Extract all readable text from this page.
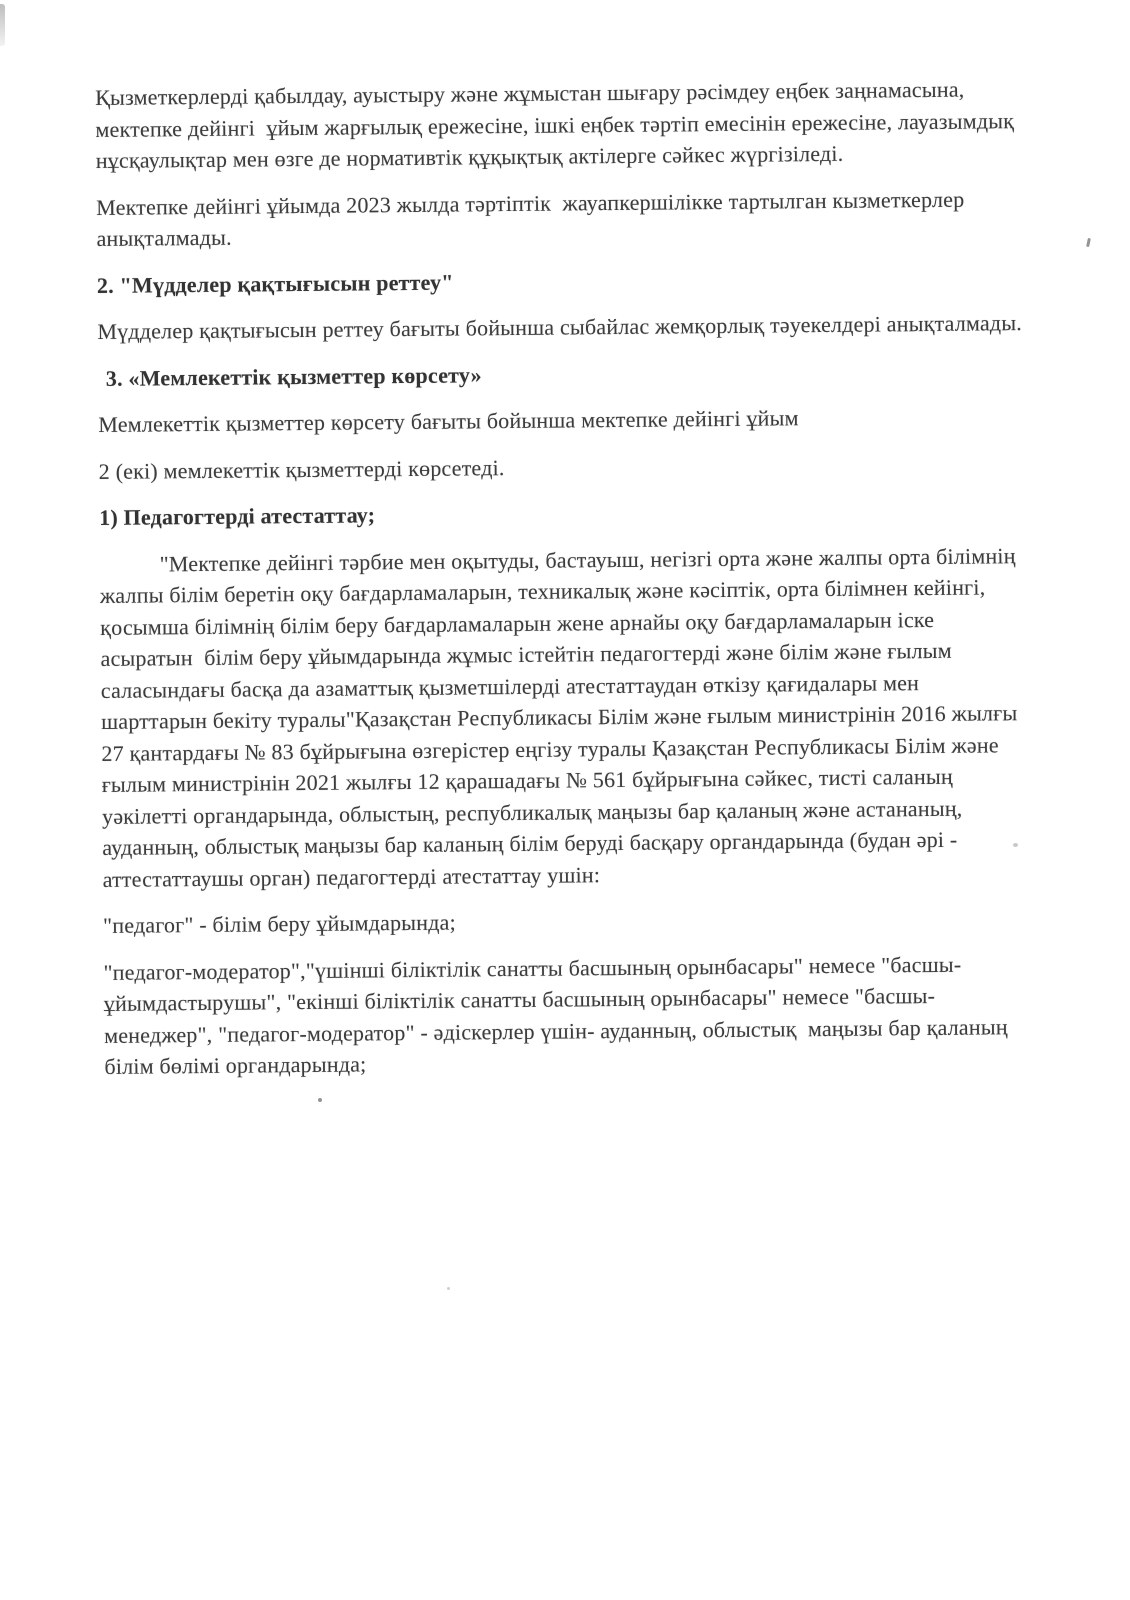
Қызметкерлерді қабылдау, ауыстыру және жұмыстан шығару рәсімдеу еңбек заңнамасына,
мектепке дейінгі  ұйым жарғылық ережесіне, ішкі еңбек тәртіп емесінін ережесіне, лауазымдық
нұсқаулықтар мен өзге де нормативтік құқықтық актілерге сәйкес жүргізіледі.
Мектепке дейінгі ұйымда 2023 жылда тәртіптік  жауапкершілікке тартылган кызметкерлер
анықталмады.
2. "Мүдделер қақтығысын реттеу"
Мүдделер қақтығысын реттеу бағыты бойынша сыбайлас жемқорлық тәуекелдері анықталмады.
3. «Мемлекеттік қызметтер көрсету»
Мемлекеттік қызметтер көрсету бағыты бойынша мектепке дейінгі ұйым
2 (екі) мемлекеттік қызметтерді көрсетеді.
1) Педагогтерді атестаттау;
"Мектепке дейінгі тәрбие мен оқытуды, бастауыш, негізгі орта және жалпы орта білімнің
жалпы білім беретін оқу бағдарламаларын, техникалық және кәсіптік, орта білімнен кейінгі,
қосымша білімнің білім беру бағдарламаларын жене арнайы оқу бағдарламаларын іске
асыратын  білім беру ұйымдарында жұмыс істейтін педагогтерді және білім және ғылым
саласындағы басқа да азаматтық қызметшілерді атестаттаудан өткізу қағидалары мен
шарттарын бекіту туралы"Қазақстан Республикасы Білім және ғылым министрінін 2016 жылғы
27 қантардағы № 83 бұйрығына өзгерістер еңгізу туралы Қазақстан Республикасы Білім және
ғылым министрінін 2021 жылғы 12 қарашадағы № 561 бұйрығына сәйкес, тисті саланың
уәкілетті органдарында, облыстың, республикалық маңызы бар қаланың және астананың,
ауданның, облыстық маңызы бар каланың білім беруді басқару органдарында (будан әрі -
аттестаттаушы орган) педагогтерді атестаттау ушін:
"педагог" - білім беру ұйымдарында;
"педагог-модератор","үшінші біліктілік санатты басшының орынбасары" немесе "басшы-
ұйымдастырушы", "екінші біліктілік санатты басшының орынбасары" немесе "басшы-
менеджер", "педагог-модератор" - әдіскерлер үшін- ауданның, облыстық  маңызы бар қаланың
білім бөлімі органдарында;
